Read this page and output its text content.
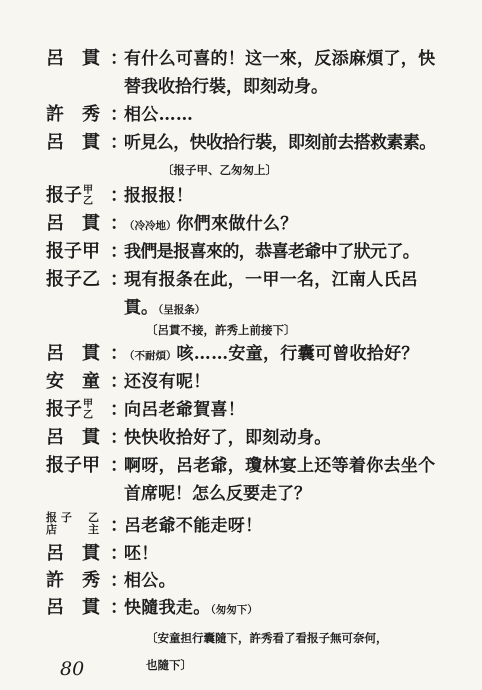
呂　貫 ：
有什么可喜的！这一來，反添麻煩了，快
替我收拾行裝，即刻动身。
許　秀 ：
相公……
呂　貫 ：
听見么，快收拾行裝，即刻前去搭救素素。
〔报子甲、乙匆匆上〕
报子甲
乙 ：
报报报！
呂　貫 ：
（冷冷地）你們來做什么？
报子甲 ：
我們是报喜來的，恭喜老爺中了狀元了。
报子乙 ：
現有报条在此，一甲一名，江南人氏呂
貫。（呈报条）
〔呂貫不接，許秀上前接下〕
呂　貫 ：
（不耐煩）咳……安童，行囊可曾收拾好？
安　童 ：
还沒有呢！
报子甲
乙 ：
向呂老爺賀喜！
呂　貫 ：
快快收拾好了，即刻动身。
报子甲 ：
啊呀，呂老爺，瓊林宴上还等着你去坐个
首席呢！怎么反要走了？
报 子
店    乙
主 ：
呂老爺不能走呀！
呂　貫 ：
呸！
許　秀 ：
相公。
呂　貫 ：
快隨我走。（匆匆下）
〔安童担行囊隨下，許秀看了看报子無可奈何，
也隨下〕
80
